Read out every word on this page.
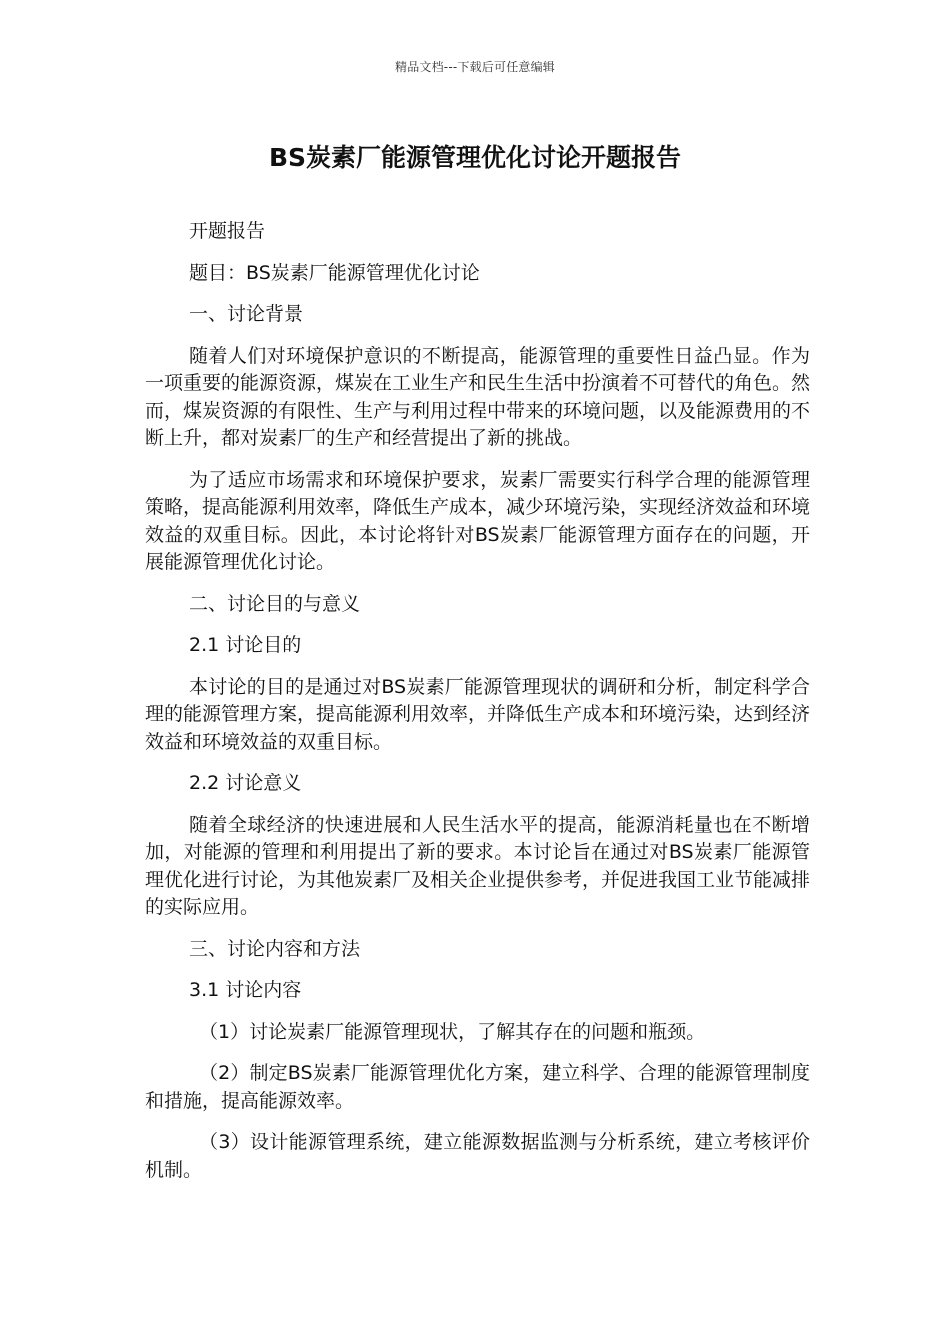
精品文档---下载后可任意编辑
BS炭素厂能源管理优化讨论开题报告

开题报告

题目：BS炭素厂能源管理优化讨论

一、讨论背景

随着人们对环境保护意识的不断提高，能源管理的重要性日益凸显。作为一项重要的能源资源，煤炭在工业生产和民生生活中扮演着不可替代的角色。然而，煤炭资源的有限性、生产与利用过程中带来的环境问题，以及能源费用的不断上升，都对炭素厂的生产和经营提出了新的挑战。

为了适应市场需求和环境保护要求，炭素厂需要实行科学合理的能源管理策略，提高能源利用效率，降低生产成本，减少环境污染，实现经济效益和环境效益的双重目标。因此，本讨论将针对BS炭素厂能源管理方面存在的问题，开展能源管理优化讨论。

二、讨论目的与意义

2.1 讨论目的

本讨论的目的是通过对BS炭素厂能源管理现状的调研和分析，制定科学合理的能源管理方案，提高能源利用效率，并降低生产成本和环境污染，达到经济效益和环境效益的双重目标。

2.2 讨论意义

随着全球经济的快速进展和人民生活水平的提高，能源消耗量也在不断增加，对能源的管理和利用提出了新的要求。本讨论旨在通过对BS炭素厂能源管理优化进行讨论，为其他炭素厂及相关企业提供参考，并促进我国工业节能减排的实际应用。

三、讨论内容和方法

3.1 讨论内容

（1）讨论炭素厂能源管理现状，了解其存在的问题和瓶颈。

（2）制定BS炭素厂能源管理优化方案，建立科学、合理的能源管理制度和措施，提高能源效率。

（3）设计能源管理系统，建立能源数据监测与分析系统，建立考核评价机制。
